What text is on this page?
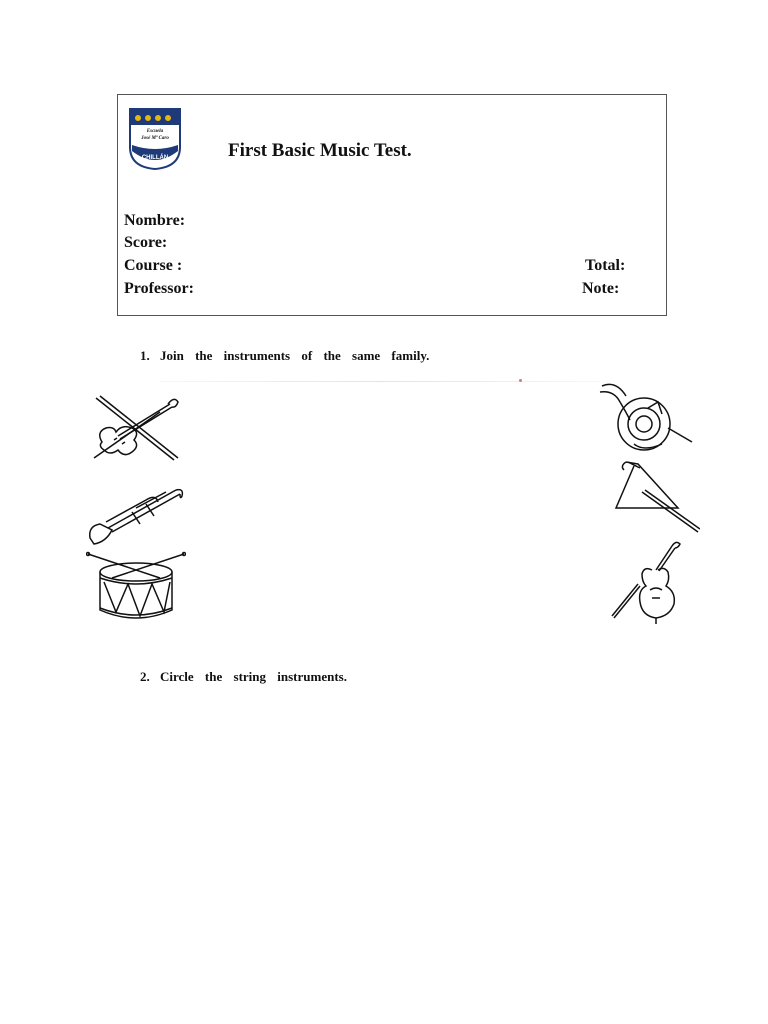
Escuela
José Mª Caro
CHILLÁN	First Basic Music Test.
Nombre:
Score:
Course :
Professor:
Total:
Note:
1. Join the instruments of the same family.
2. Circle the string instruments.
